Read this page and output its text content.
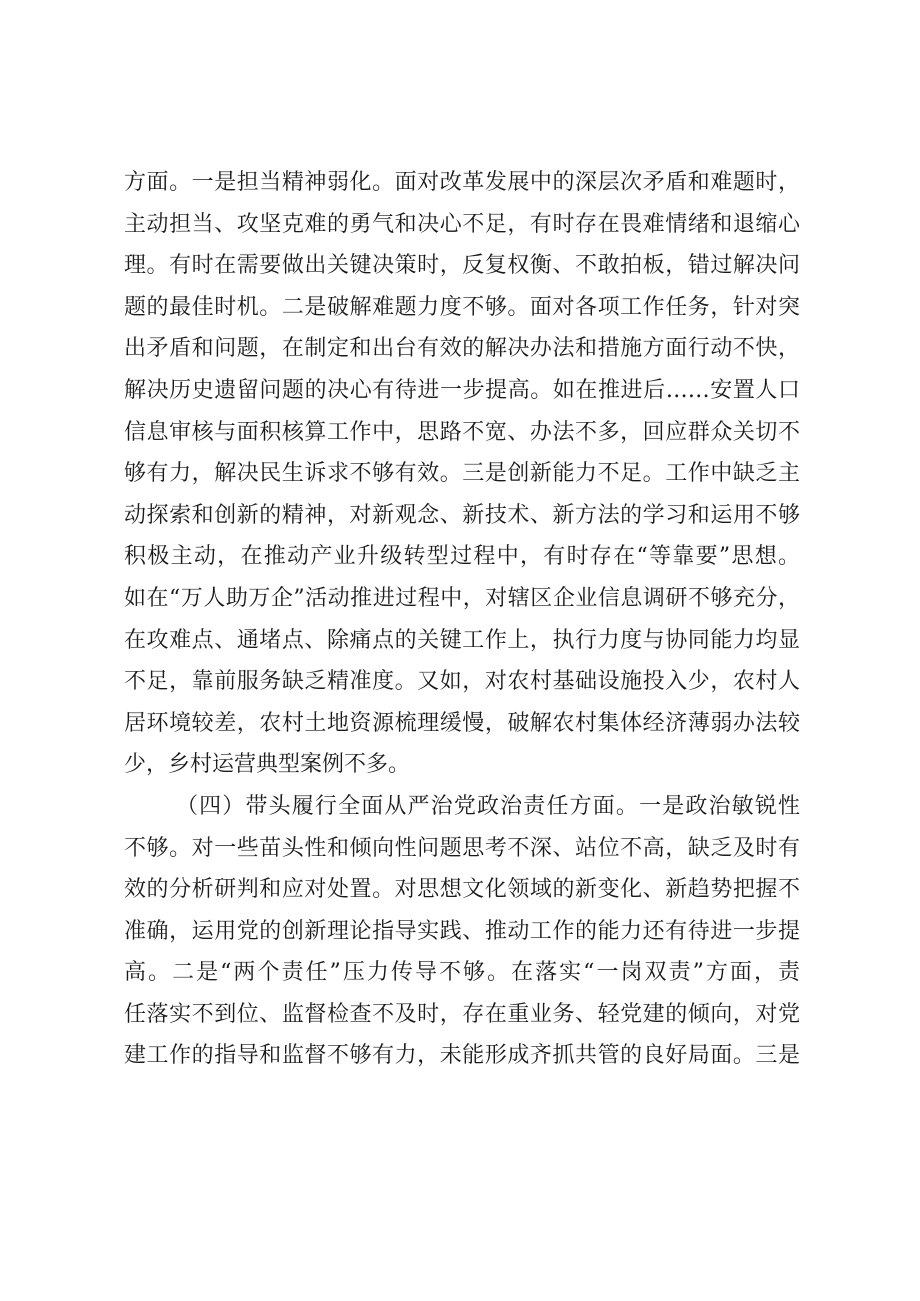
方面。一是担当精神弱化。面对改革发展中的深层次矛盾和难题时，
主动担当、攻坚克难的勇气和决心不足，有时存在畏难情绪和退缩心
理。有时在需要做出关键决策时，反复权衡、不敢拍板，错过解决问
题的最佳时机。二是破解难题力度不够。面对各项工作任务，针对突
出矛盾和问题，在制定和出台有效的解决办法和措施方面行动不快，
解决历史遗留问题的决心有待进一步提高。如在推进后……安置人口
信息审核与面积核算工作中，思路不宽、办法不多，回应群众关切不
够有力，解决民生诉求不够有效。三是创新能力不足。工作中缺乏主
动探索和创新的精神，对新观念、新技术、新方法的学习和运用不够
积极主动，在推动产业升级转型过程中，有时存在“等靠要”思想。
如在“万人助万企”活动推进过程中，对辖区企业信息调研不够充分，
在攻难点、通堵点、除痛点的关键工作上，执行力度与协同能力均显
不足，靠前服务缺乏精准度。又如，对农村基础设施投入少，农村人
居环境较差，农村土地资源梳理缓慢，破解农村集体经济薄弱办法较
少，乡村运营典型案例不多。
（四）带头履行全面从严治党政治责任方面。一是政治敏锐性
不够。对一些苗头性和倾向性问题思考不深、站位不高，缺乏及时有
效的分析研判和应对处置。对思想文化领域的新变化、新趋势把握不
准确，运用党的创新理论指导实践、推动工作的能力还有待进一步提
高。二是“两个责任”压力传导不够。在落实“一岗双责”方面，责
任落实不到位、监督检查不及时，存在重业务、轻党建的倾向，对党
建工作的指导和监督不够有力，未能形成齐抓共管的良好局面。三是
